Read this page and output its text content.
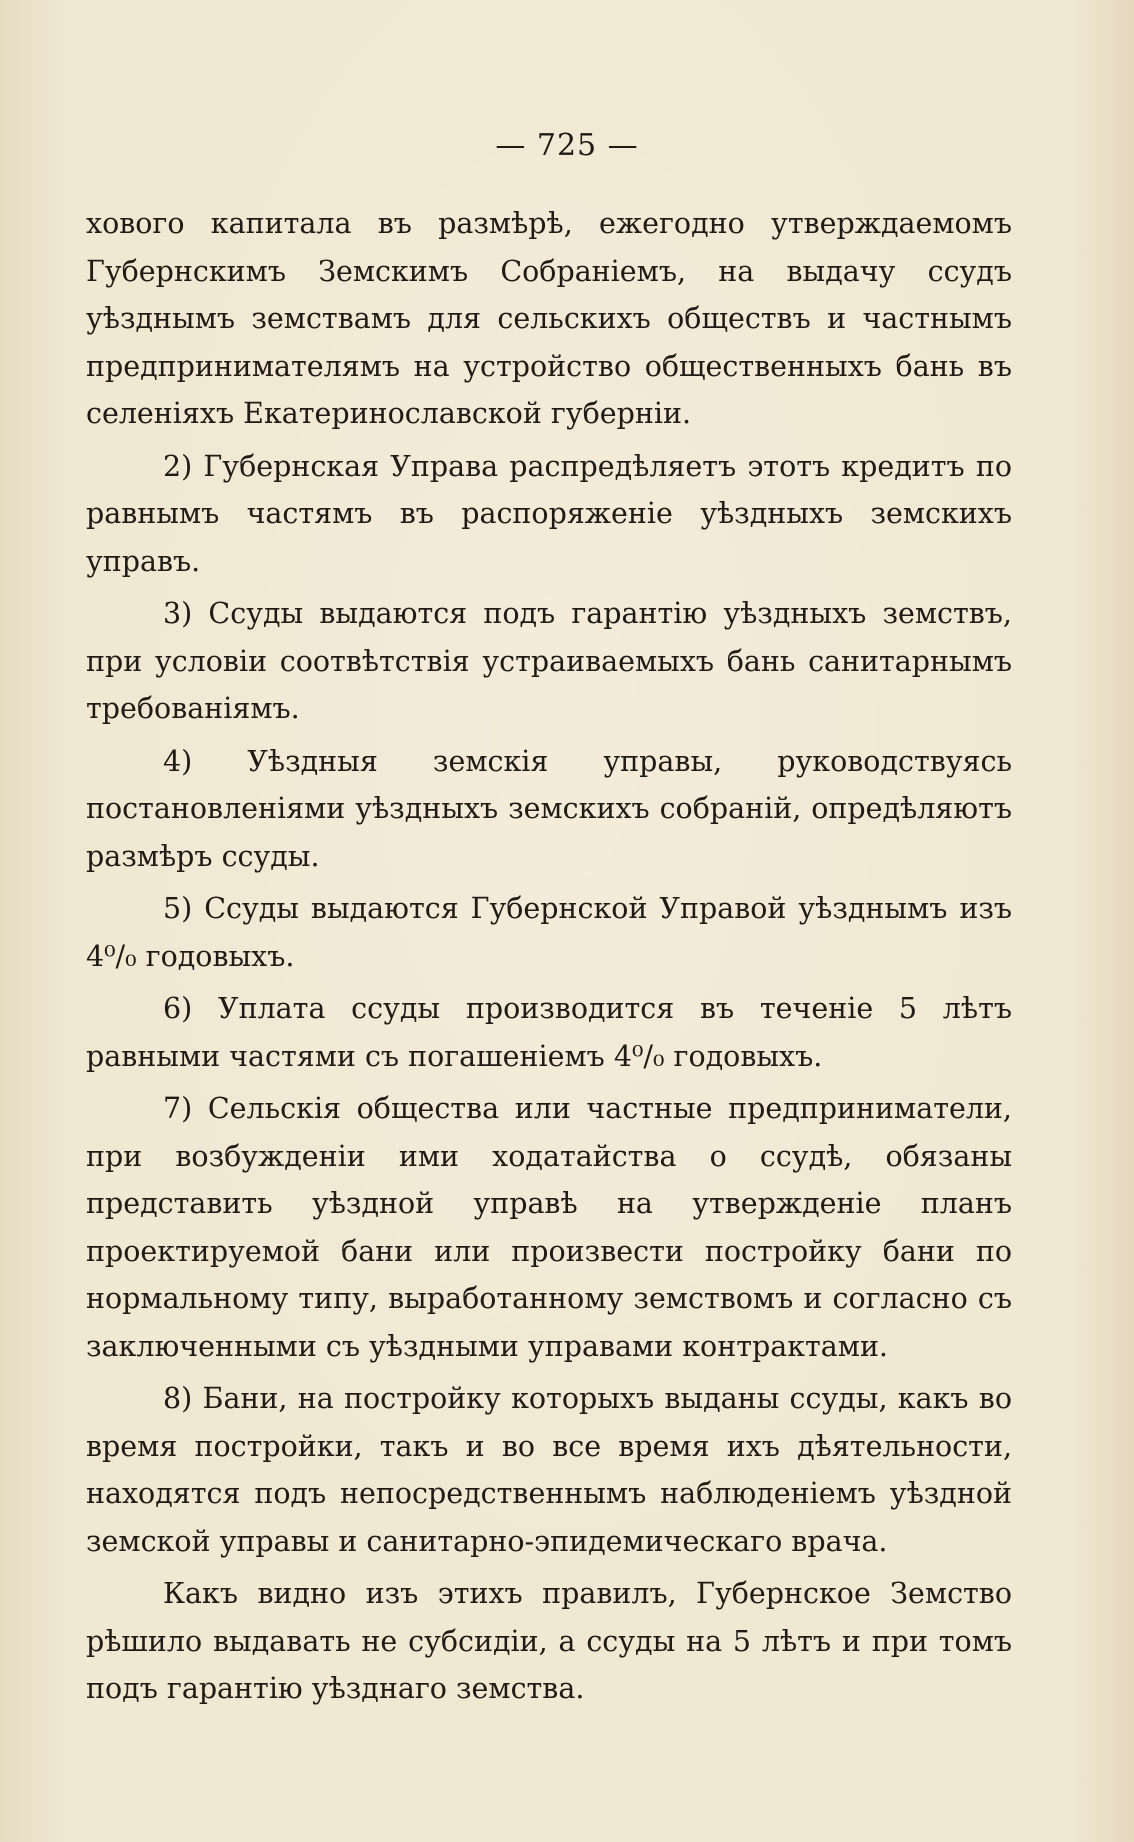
— 725 —

хового капитала въ размѣрѣ, ежегодно утверждаемомъ Губернскимъ Земскимъ Собраніемъ, на выдачу ссудъ уѣзднымъ земствамъ для сельскихъ обществъ и частнымъ предпринимателямъ на устройство общественныхъ бань въ селеніяхъ Екатеринославской губерніи.

2) Губернская Управа распредѣляетъ этотъ кредитъ по равнымъ частямъ въ распоряженіе уѣздныхъ земскихъ управъ.

3) Ссуды выдаются подъ гарантію уѣздныхъ земствъ, при условіи соотвѣтствія устраиваемыхъ бань санитарнымъ требованіямъ.

4) Уѣздныя земскія управы, руководствуясь постановленіями уѣздныхъ земскихъ собраній, опредѣляютъ размѣръ ссуды.

5) Ссуды выдаются Губернской Управой уѣзднымъ изъ 4⁰/₀ годовыхъ.

6) Уплата ссуды производится въ теченіе 5 лѣтъ равными частями съ погашеніемъ 4⁰/₀ годовыхъ.

7) Сельскія общества или частные предприниматели, при возбужденіи ими ходатайства о ссудѣ, обязаны представить уѣздной управѣ на утвержденіе планъ проектируемой бани или произвести постройку бани по нормальному типу, выработанному земствомъ и согласно съ заключенными съ уѣздными управами контрактами.

8) Бани, на постройку которыхъ выданы ссуды, какъ во время постройки, такъ и во все время ихъ дѣятельности, находятся подъ непосредственнымъ наблюденіемъ уѣздной земской управы и санитарно-эпидемическаго врача.

Какъ видно изъ этихъ правилъ, Губернское Земство рѣшило выдавать не субсидіи, а ссуды на 5 лѣтъ и при томъ подъ гарантію уѣзднаго земства.
